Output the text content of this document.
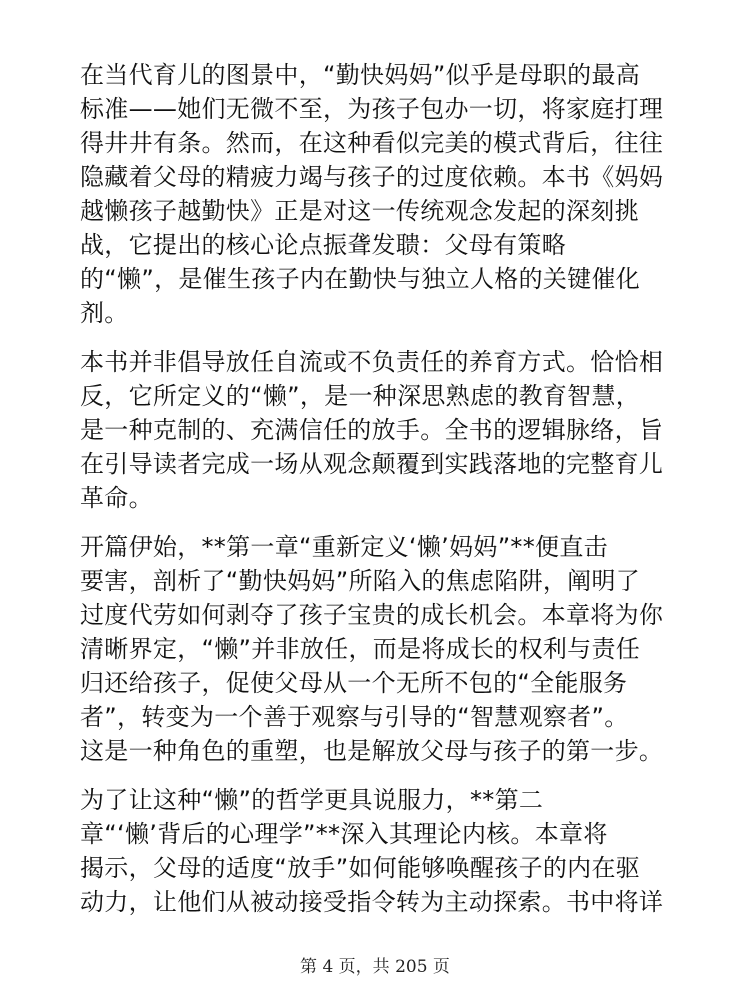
在当代育儿的图景中，“勤快妈妈”似乎是母职的最高
标准——她们无微不至，为孩子包办一切，将家庭打理
得井井有条。然而，在这种看似完美的模式背后，往往
隐藏着父母的精疲力竭与孩子的过度依赖。本书《妈妈
越懒孩子越勤快》正是对这一传统观念发起的深刻挑
战，它提出的核心论点振聋发聩：父母有策略
的“懒”，是催生孩子内在勤快与独立人格的关键催化
剂。

本书并非倡导放任自流或不负责任的养育方式。恰恰相
反，它所定义的“懒”，是一种深思熟虑的教育智慧，
是一种克制的、充满信任的放手。全书的逻辑脉络，旨
在引导读者完成一场从观念颠覆到实践落地的完整育儿
革命。

开篇伊始，**第一章“重新定义‘懒’妈妈”**便直击
要害，剖析了“勤快妈妈”所陷入的焦虑陷阱，阐明了
过度代劳如何剥夺了孩子宝贵的成长机会。本章将为你
清晰界定，“懒”并非放任，而是将成长的权利与责任
归还给孩子，促使父母从一个无所不包的“全能服务
者”，转变为一个善于观察与引导的“智慧观察者”。
这是一种角色的重塑，也是解放父母与孩子的第一步。

为了让这种“懒”的哲学更具说服力，**第二
章“‘懒’背后的心理学”**深入其理论内核。本章将
揭示，父母的适度“放手”如何能够唤醒孩子的内在驱
动力，让他们从被动接受指令转为主动探索。书中将详

第 4 页，共 205 页
